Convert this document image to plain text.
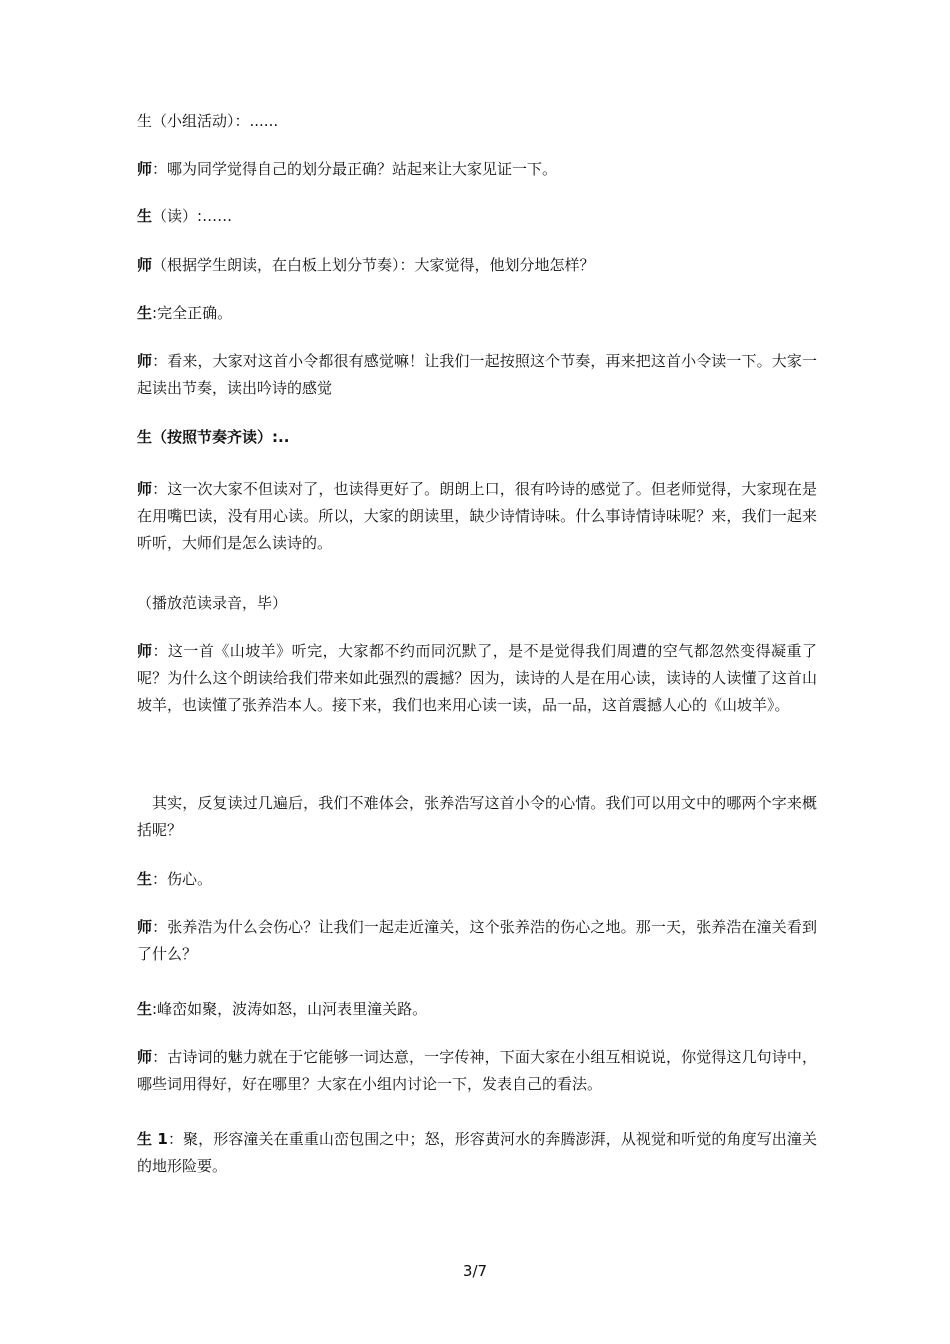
生（小组活动）：......

师：哪为同学觉得自己的划分最正确？站起来让大家见证一下。

生（读）:……

师（根据学生朗读，在白板上划分节奏）：大家觉得，他划分地怎样？

生:完全正确。

师：看来，大家对这首小令都很有感觉嘛！让我们一起按照这个节奏，再来把这首小令读一下。大家一起读出节奏，读出吟诗的感觉

生（按照节奏齐读）:..

师：这一次大家不但读对了，也读得更好了。朗朗上口，很有吟诗的感觉了。但老师觉得，大家现在是在用嘴巴读，没有用心读。所以，大家的朗读里，缺少诗情诗味。什么事诗情诗味呢？来，我们一起来听听，大师们是怎么读诗的。

（播放范读录音，毕）

师：这一首《山坡羊》听完，大家都不约而同沉默了，是不是觉得我们周遭的空气都忽然变得凝重了呢？为什么这个朗读给我们带来如此强烈的震撼？因为，读诗的人是在用心读，读诗的人读懂了这首山坡羊，也读懂了张养浩本人。接下来，我们也来用心读一读，品一品，这首震撼人心的《山坡羊》。

其实，反复读过几遍后，我们不难体会，张养浩写这首小令的心情。我们可以用文中的哪两个字来概括呢？

生：伤心。

师：张养浩为什么会伤心？让我们一起走近潼关，这个张养浩的伤心之地。那一天，张养浩在潼关看到了什么？

生:峰峦如聚，波涛如怒，山河表里潼关路。

师：古诗词的魅力就在于它能够一词达意，一字传神，下面大家在小组互相说说，你觉得这几句诗中，哪些词用得好，好在哪里？大家在小组内讨论一下，发表自己的看法。

生 1：聚，形容潼关在重重山峦包围之中；怒，形容黄河水的奔腾澎湃，从视觉和听觉的角度写出潼关的地形险要。

3/7
